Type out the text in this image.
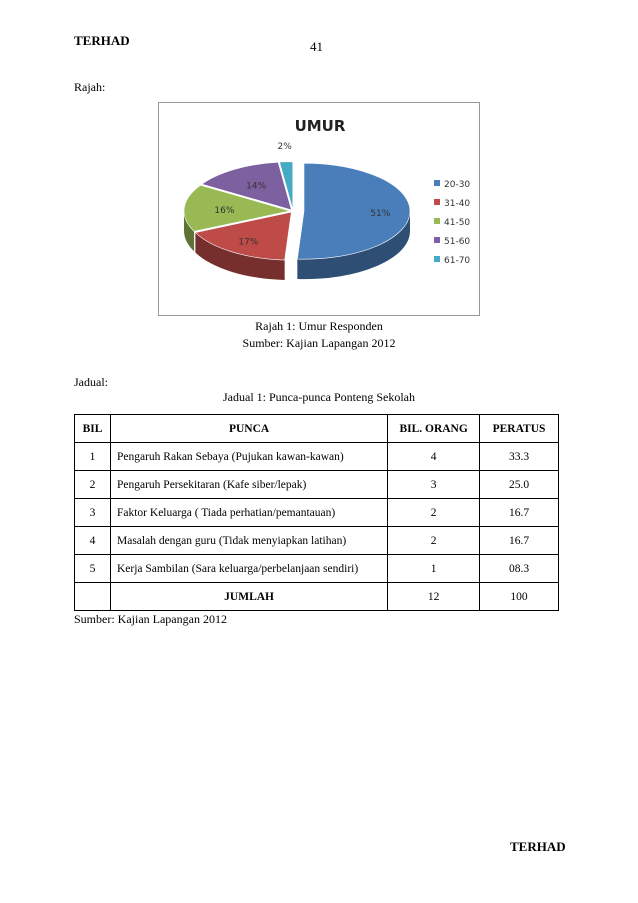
TERHAD	41
Rajah:
UMUR
51%
17%
16%
14%
2%
20-30
31-40
41-50
51-60
61-70
Rajah 1: Umur Responden
Sumber: Kajian Lapangan 2012
Jadual:
Jadual 1: Punca-punca Ponteng Sekolah
BIL	PUNCA	BIL. ORANG	PERATUS
1	Pengaruh Rakan Sebaya (Pujukan kawan-kawan)	4	33.3
2	Pengaruh Persekitaran (Kafe siber/lepak)	3	25.0
3	Faktor Keluarga ( Tiada perhatian/pemantauan)	2	16.7
4	Masalah dengan guru (Tidak menyiapkan latihan)	2	16.7
5	Kerja Sambilan (Sara keluarga/perbelanjaan sendiri)	1	08.3
	JUMLAH	12	100
Sumber: Kajian Lapangan 2012
TERHAD
